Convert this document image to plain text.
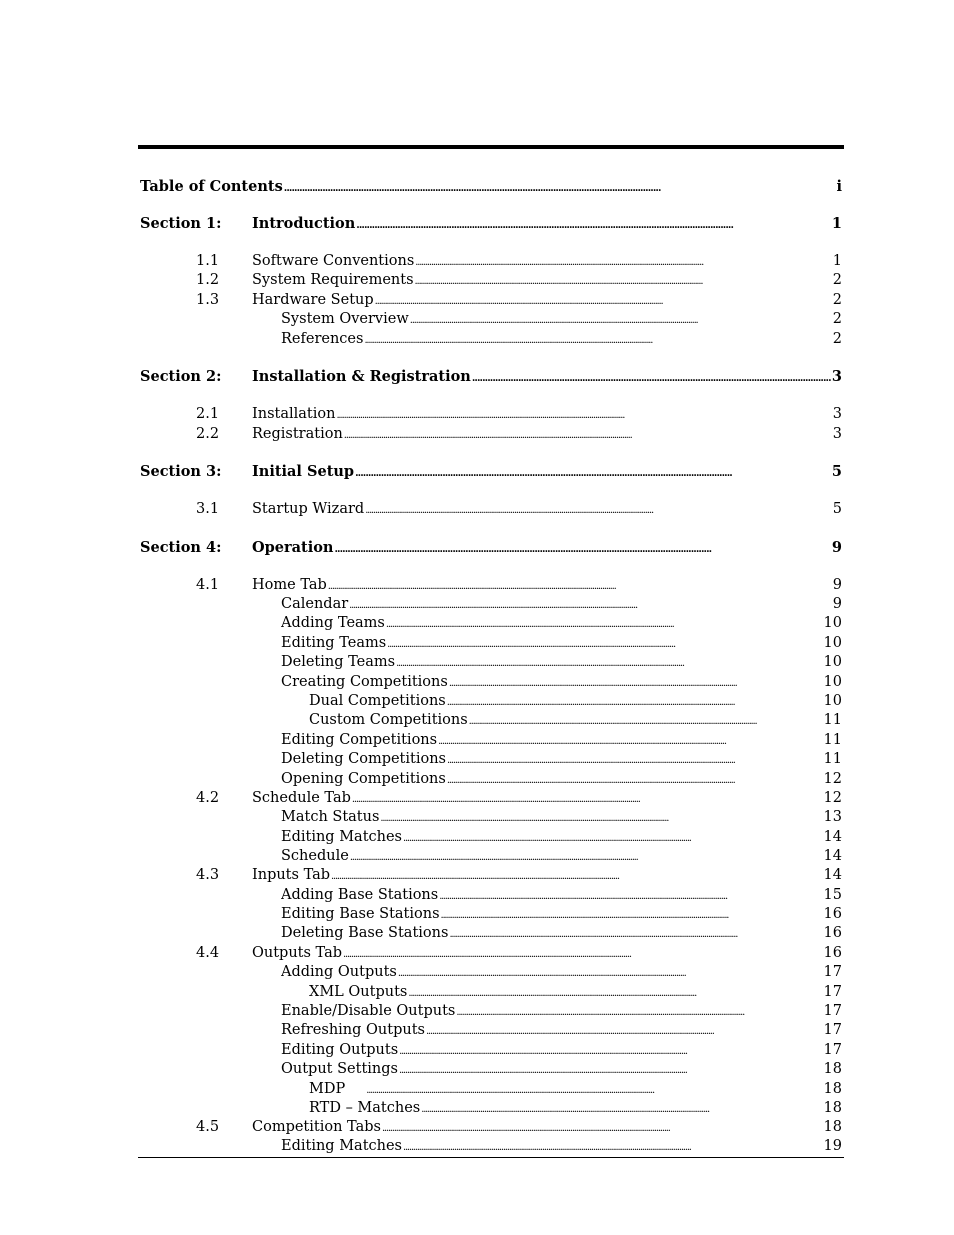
Table of Contents . . .	i
Section 1: Introduction . . .	1
1.1 Software Conventions . . .	1
1.2 System Requirements . . .	2
1.3 Hardware Setup . . .	2
System Overview . . .	2
References . . .	2
Section 2: Installation & Registration . . .	3
2.1 Installation . . .	3
2.2 Registration . . .	3
Section 3: Initial Setup . . .	5
3.1 Startup Wizard . . .	5
Section 4: Operation . . .	9
4.1 Home Tab . . .	9
Calendar . . .	9
Adding Teams . . .	10
Editing Teams . . .	10
Deleting Teams . . .	10
Creating Competitions . . .	10
Dual Competitions . . .	10
Custom Competitions . . .	11
Editing Competitions . . .	11
Deleting Competitions . . .	11
Opening Competitions . . .	12
4.2 Schedule Tab . . .	12
Match Status . . .	13
Editing Matches . . .	14
Schedule . . .	14
4.3 Inputs Tab . . .	14
Adding Base Stations . . .	15
Editing Base Stations . . .	16
Deleting Base Stations . . .	16
4.4 Outputs Tab . . .	16
Adding Outputs . . .	17
XML Outputs . . .	17
Enable/Disable Outputs . . .	17
Refreshing Outputs . . .	17
Editing Outputs . . .	17
Output Settings . . .	18
MDP . . .	18
RTD – Matches . . .	18
4.5 Competition Tabs . . .	18
Editing Matches . . .	19
